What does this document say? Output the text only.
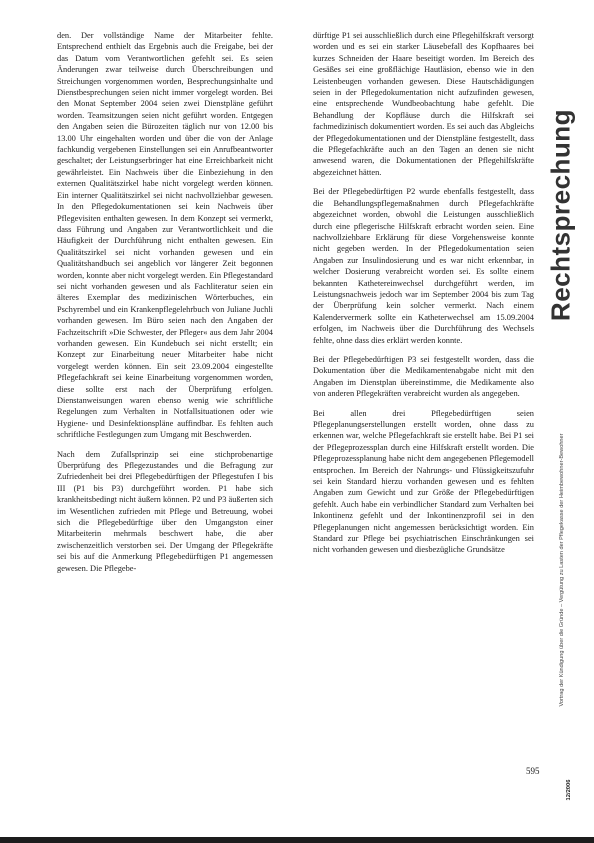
den. Der vollständige Name der Mitarbeiter fehlte. Entsprechend enthielt das Ergebnis auch die Freigabe, bei der das Datum vom Verantwortlichen gefehlt sei. Es seien Änderungen zwar teilweise durch Überschreibungen und Streichungen vorgenommen worden, Besprechungsinhalte und Dienstbesprechungen seien nicht immer vorgelegt worden. Bei den Monat September 2004 seien zwei Dienstpläne geführt worden. Teamsitzungen seien nicht geführt worden. Entgegen den Angaben seien die Bürozeiten täglich nur von 12.00 bis 13.00 Uhr eingehalten worden und über die von der Anlage fachkundig vergebenen Einstellungen sei ein Anrufbeantworter geschaltet; der Leistungserbringer hat eine Erreichbarkeit nicht gewährleistet. Ein Nachweis über die Einbeziehung in den externen Qualitätszirkel habe nicht vorgelegt werden können. Ein interner Qualitätszirkel sei nicht nachvollziehbar gewesen. In den Pflegedokumentationen sei kein Nachweis über Pflegevisiten enthalten gewesen. In dem Konzept sei vermerkt, dass Führung und Angaben zur Verantwortlichkeit und die Häufigkeit der Durchführung nicht enthalten gewesen. Ein Qualitätszirkel sei nicht vorhanden gewesen und ein Qualitätshandbuch sei angeblich vor längerer Zeit begonnen worden, konnte aber nicht vorgelegt werden. Ein Pflegestandard sei nicht vorhanden gewesen und als Fachliteratur seien ein älteres Exemplar des medizinischen Wörterbuches, ein Pschyrembel und ein Krankenpflegelehrbuch von Juliane Juchli vorhanden gewesen. Im Büro seien nach den Angaben der Fachzeitschrift »Die Schwester, der Pfleger« aus dem Jahr 2004 vorhanden gewesen. Ein Kundebuch sei nicht erstellt; ein Konzept zur Einarbeitung neuer Mitarbeiter habe nicht vorgelegt werden können. Ein seit 23.09.2004 eingestellte Pflegefachkraft sei keine Einarbeitung vorgenommen worden, diese sollte erst nach der Überprüfung erfolgen. Dienstanweisungen waren ebenso wenig wie schriftliche Regelungen zum Verhalten in Notfallsituationen oder wie Hygiene- und Desinfektionspläne auffindbar. Es fehlten auch schriftliche Festlegungen zum Umgang mit Beschwerden.

Nach dem Zufallsprinzip sei eine stichprobenartige Überprüfung des Pflegezustandes und die Befragung zur Zufriedenheit bei drei Pflegebedürftigen der Pflegestufen I bis III (P1 bis P3) durchgeführt worden. P1 habe sich krankheitsbedingt nicht äußern können. P2 und P3 äußerten sich im Wesentlichen zufrieden mit Pflege und Betreuung, wobei sich die Pflegebedürftige über den Umgangston einer Mitarbeiterin mehrmals beschwert habe, die aber zwischenzeitlich verstorben sei. Der Umgang der Pflegekräfte sei bis auf die Anmerkung Pflegebedürftigen P1 angemessen gewesen. Die Pflegebe-

dürftige P1 sei ausschließlich durch eine Pflegehilfskraft versorgt worden und es sei ein starker Läusebefall des Kopfhaares bei kurzes Schneiden der Haare beseitigt worden. Im Bereich des Gesäßes sei eine großflächige Hautläsion, ebenso wie in den Leistenbeugen vorhanden gewesen. Diese Hautschädigungen seien in der Pflegedokumentation nicht aufzufinden gewesen, eine entsprechende Wundbeobachtung habe gefehlt. Die Behandlung der Kopfläuse durch die Hilfskraft sei fachmedizinisch dokumentiert worden. Es sei auch das Abgleichs der Pflegedokumentationen und der Dienstpläne festgestellt, dass die Pflegefachkräfte auch an den Tagen an denen sie nicht anwesend waren, die Dokumentationen der Pflegehilfskräfte abgezeichnet hätten.

Bei der Pflegebedürftigen P2 wurde ebenfalls festgestellt, dass die Behandlungspflegemaßnahmen durch Pflegefachkräfte abgezeichnet worden, obwohl die Leistungen ausschließlich durch eine pflegerische Hilfskraft erbracht worden seien. Eine nachvollziehbare Erklärung für diese Vorgehensweise konnte nicht gegeben werden. In der Pflegedokumentation seien Angaben zur Insulindosierung und es war nicht erkennbar, in welcher Dosierung verabreicht worden sei. Es sollte einem bekannten Kathetereinwechsel durchgeführt werden, im Leistungsnachweis jedoch war im September 2004 bis zum Tag der Überprüfung kein solcher vermerkt. Nach einem Kalendervermerk sollte ein Katheterwechsel am 15.09.2004 erfolgen, im Nachweis über die Durchführung des Wechsels fehlte, ohne dass dies erklärt werden konnte.

Bei der Pflegebedürftigen P3 sei festgestellt worden, dass die Dokumentation über die Medikamentenabgabe nicht mit den Angaben im Dienstplan übereinstimme, die Medikamente also von anderen Pflegekräften verabreicht wurden als angegeben.

Bei allen drei Pflegebedürftigen seien Pflegeplanungserstellungen erstellt worden, ohne dass zu erkennen war, welche Pflegefachkraft sie erstellt habe. Bei P1 sei der Pflegeprozessplan durch eine Hilfskraft erstellt worden. Die Pflegeprozessplanung habe nicht dem angegebenen Pflegemodell entsprochen. Im Bereich der Nahrungs- und Flüssigkeitszufuhr sei kein Standard hierzu vorhanden gewesen und es fehlten Angaben zum Gewicht und zur Größe der Pflegebedürftigen gefehlt. Auch habe ein verbindlicher Standard zum Verhalten bei Inkontinenz gefehlt und der Inkontinenzprofil sei in den Pflegeplanungen nicht angemessen berücksichtigt worden. Ein Standard zur Pflege bei psychiatrischen Einschränkungen sei nicht vorhanden gewesen und diesbezügliche Grundsätze

Rechtsprechung
Vortrag der Kündigung über die Gründe – Vergütung zu Lasten der Pflegekasse der Heimbewohner-Bewohner
12/2006
595
